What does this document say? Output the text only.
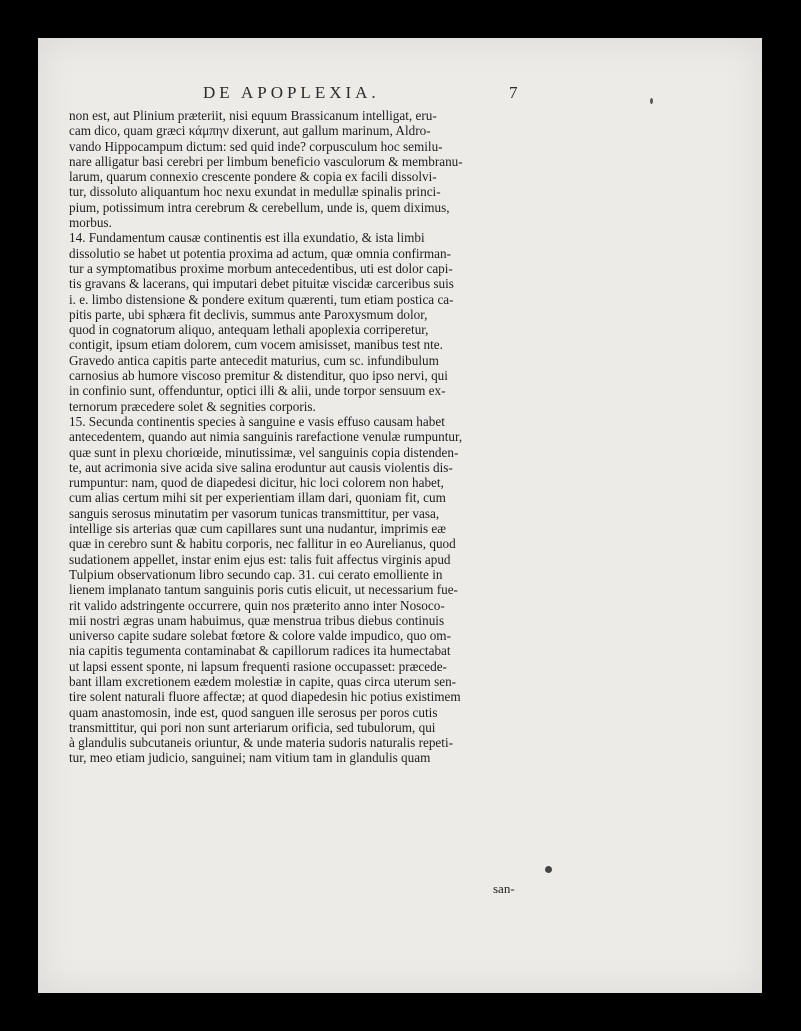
DE APOPLEXIA.	7
non est, aut Plinium præteriit, nisi equum Brassicanum intelligat, eru-
cam dico, quam græci κάμπην dixerunt, aut gallum marinum, Aldro-
vando Hippocampum dictum: sed quid inde? corpusculum hoc semilu-
nare alligatur basi cerebri per limbum beneficio vasculorum & membranu-
larum, quarum connexio crescente pondere & copia ex facili dissolvi-
tur, dissoluto aliquantum hoc nexu exundat in medullæ spinalis princi-
pium, potissimum intra cerebrum & cerebellum, unde is, quem diximus,
morbus.
14. Fundamentum causæ continentis est illa exundatio, & ista limbi
dissolutio se habet ut potentia proxima ad actum, quæ omnia confirman-
tur a symptomatibus proxime morbum antecedentibus, uti est dolor capi-
tis gravans & lacerans, qui imputari debet pituitæ viscidæ carceribus suis
i. e. limbo distensione & pondere exitum quærenti, tum etiam postica ca-
pitis parte, ubi sphæra fit declivis, summus ante Paroxysmum dolor,
quod in cognatorum aliquo, antequam lethali apoplexia corriperetur,
contigit, ipsum etiam dolorem, cum vocem amisisset, manibus test nte.
Gravedo antica capitis parte antecedit maturius, cum sc. infundibulum
carnosius ab humore viscoso premitur & distenditur, quo ipso nervi, qui
in confinio sunt, offenduntur, optici illi & alii, unde torpor sensuum ex-
ternorum præcedere solet & segnities corporis.
15. Secunda continentis species à sanguine e vasis effuso causam habet
antecedentem, quando aut nimia sanguinis rarefactione venulæ rumpuntur,
quæ sunt in plexu choriœide, minutissimæ, vel sanguinis copia distenden-
te, aut acrimonia sive acida sive salina eroduntur aut causis violentis dis-
rumpuntur: nam, quod de diapedesi dicitur, hic loci colorem non habet,
cum alias certum mihi sit per experientiam illam dari, quoniam fit, cum
sanguis serosus minutatim per vasorum tunicas transmittitur, per vasa,
intellige sis arterias quæ cum capillares sunt una nudantur, imprimis eæ
quæ in cerebro sunt & habitu corporis, nec fallitur in eo Aurelianus, quod
sudationem appellet, instar enim ejus est: talis fuit affectus virginis apud
Tulpium observationum libro secundo cap. 31. cui cerato emolliente in
lienem implanato tantum sanguinis poris cutis elicuit, ut necessarium fue-
rit valido adstringente occurrere, quin nos præterito anno inter Nosoco-
mii nostri ægras unam habuimus, quæ menstrua tribus diebus continuis
universo capite sudare solebat fœtore & colore valde impudico, quo om-
nia capitis tegumenta contaminabat & capillorum radices ita humectabat
ut lapsi essent sponte, ni lapsum frequenti rasione occupasset: præcede-
bant illam excretionem eædem molestiæ in capite, quas circa uterum sen-
tire solent naturali fluore affectæ; at quod diapedesin hic potius existimem
quam anastomosin, inde est, quod sanguen ille serosus per poros cutis
transmittitur, qui pori non sunt arteriarum orificia, sed tubulorum, qui
à glandulis subcutaneis oriuntur, & unde materia sudoris naturalis repeti-
tur, meo etiam judicio, sanguinei; nam vitium tam in glandulis quam
san-
